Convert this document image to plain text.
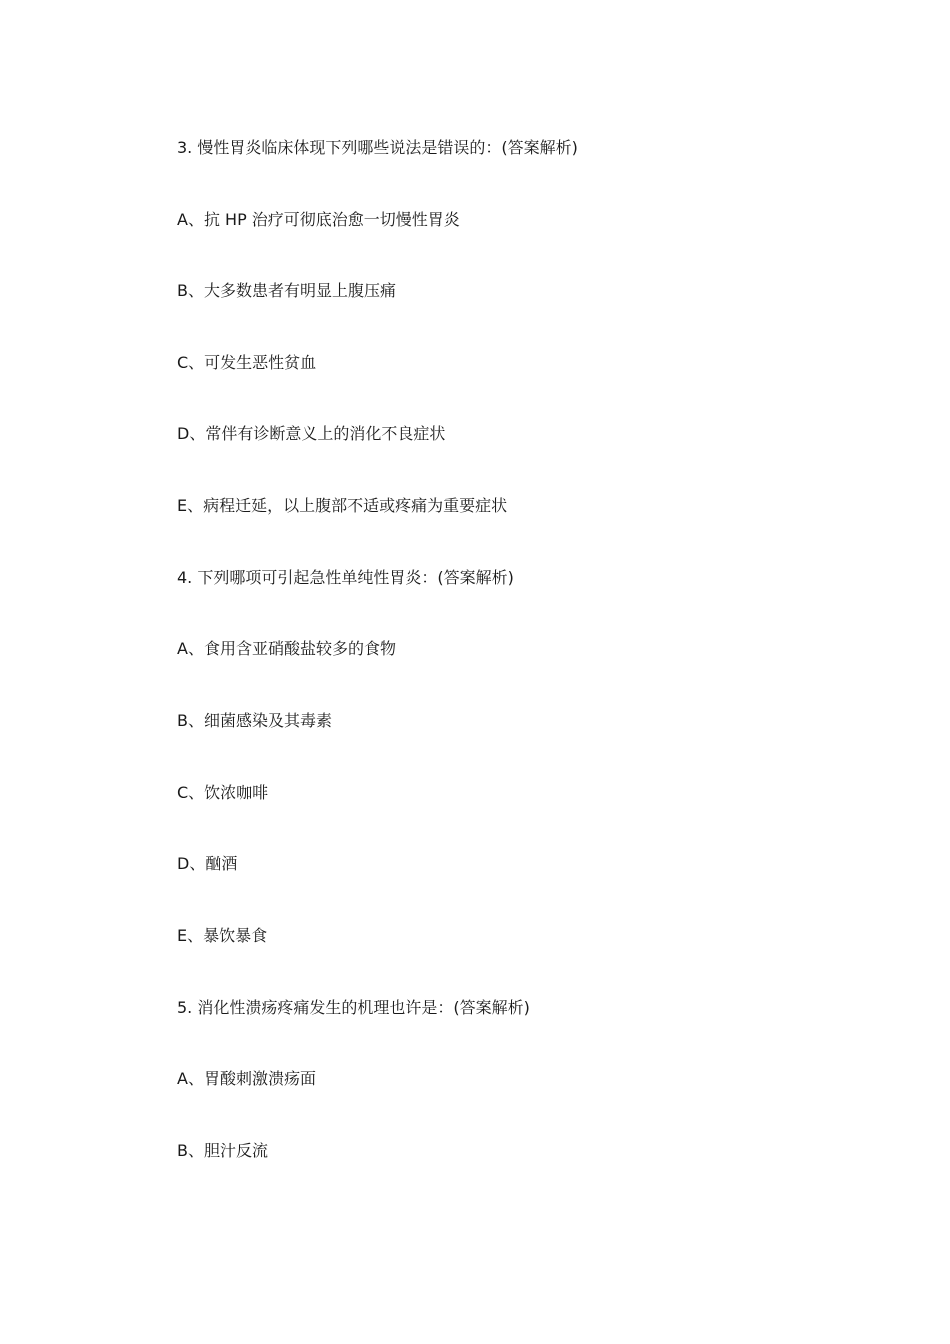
3. 慢性胃炎临床体现下列哪些说法是错误的：(答案解析)
A、抗 HP 治疗可彻底治愈一切慢性胃炎
B、大多数患者有明显上腹压痛
C、可发生恶性贫血
D、常伴有诊断意义上的消化不良症状
E、病程迁延，以上腹部不适或疼痛为重要症状
4. 下列哪项可引起急性单纯性胃炎：(答案解析)
A、食用含亚硝酸盐较多的食物
B、细菌感染及其毒素
C、饮浓咖啡
D、酗酒
E、暴饮暴食
5. 消化性溃疡疼痛发生的机理也许是：(答案解析)
A、胃酸刺激溃疡面
B、胆汁反流
